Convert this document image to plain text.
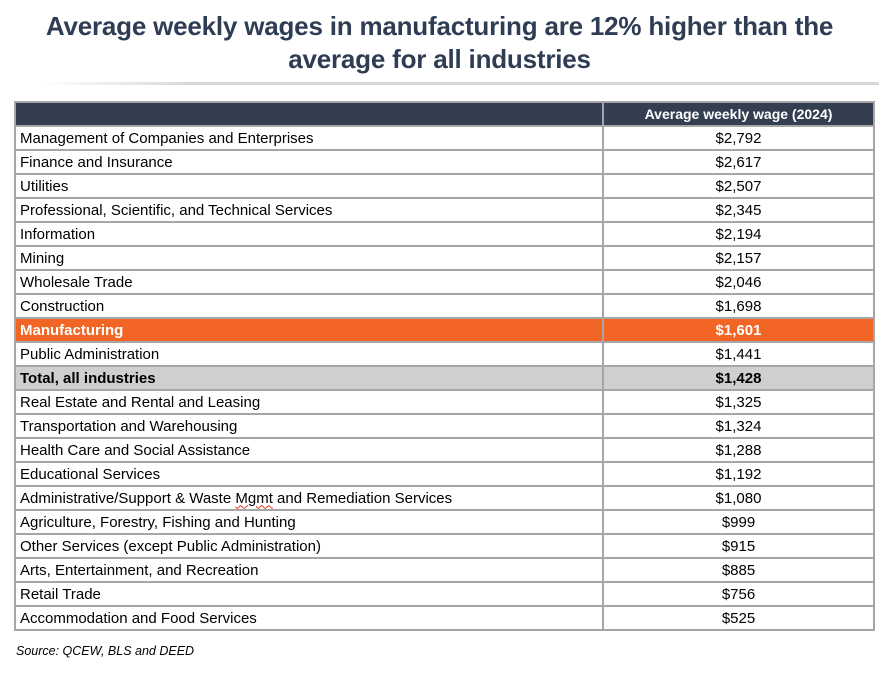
Average weekly wages in manufacturing are 12% higher than the average for all industries
	Average weekly wage (2024)
Management of Companies and Enterprises	$2,792
Finance and Insurance	$2,617
Utilities	$2,507
Professional, Scientific, and Technical Services	$2,345
Information	$2,194
Mining	$2,157
Wholesale Trade	$2,046
Construction	$1,698
Manufacturing	$1,601
Public Administration	$1,441
Total, all industries	$1,428
Real Estate and Rental and Leasing	$1,325
Transportation and Warehousing	$1,324
Health Care and Social Assistance	$1,288
Educational Services	$1,192
Administrative/Support & Waste Mgmt and Remediation Services	$1,080
Agriculture, Forestry, Fishing and Hunting	$999
Other Services (except Public Administration)	$915
Arts, Entertainment, and Recreation	$885
Retail Trade	$756
Accommodation and Food Services	$525
Source: QCEW, BLS and DEED
